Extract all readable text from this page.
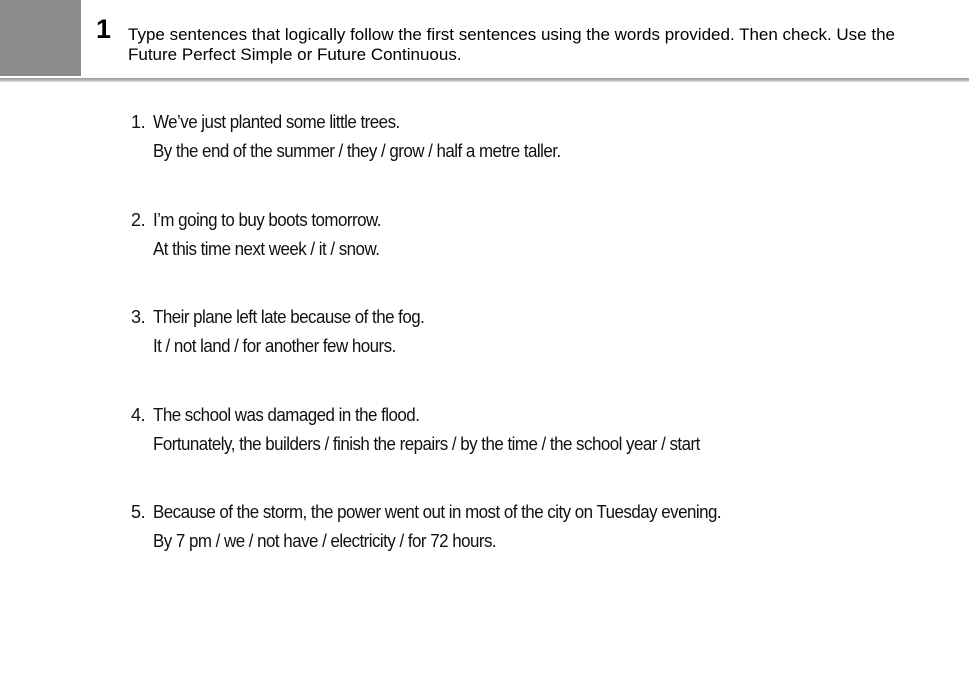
1 Type sentences that logically follow the first sentences using the words provided. Then check. Use the Future Perfect Simple or Future Continuous.
1. We’ve just planted some little trees.
By the end of the summer / they / grow / half a metre taller.
2. I’m going to buy boots tomorrow.
At this time next week / it / snow.
3. Their plane left late because of the fog.
It / not land / for another few hours.
4. The school was damaged in the flood.
Fortunately, the builders / finish the repairs / by the time / the school year / start
5. Because of the storm, the power went out in most of the city on Tuesday evening.
By 7 pm / we / not have / electricity / for 72 hours.
